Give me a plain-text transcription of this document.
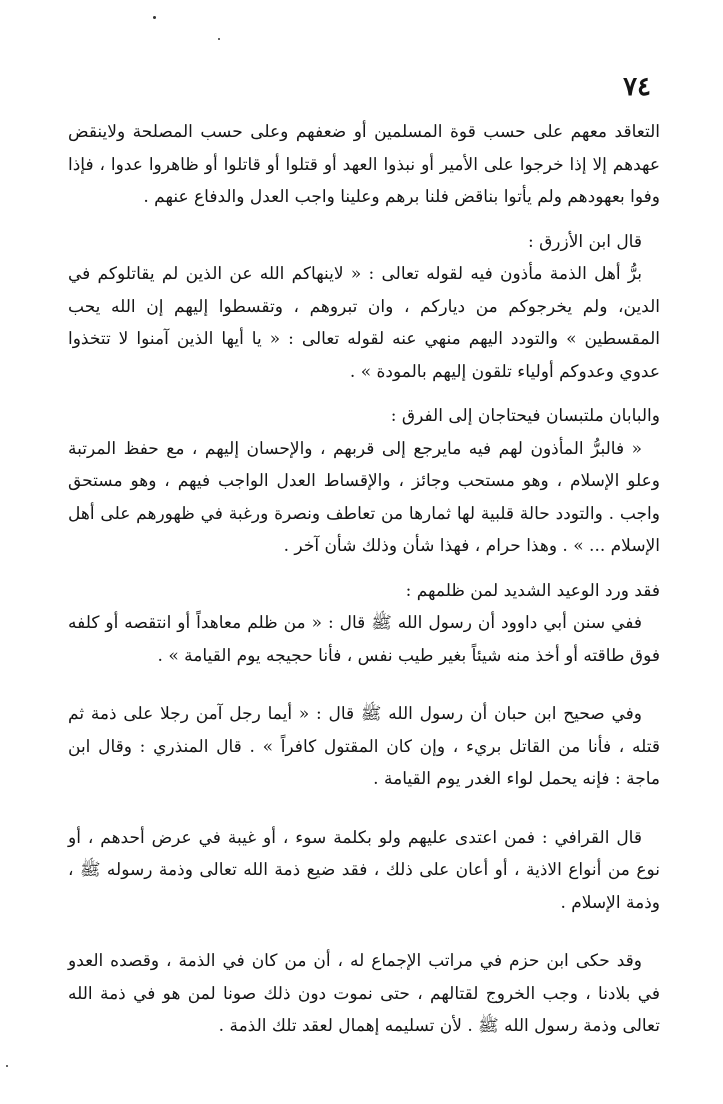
٧٤

التعاقد معهم على حسب قوة المسلمين أو ضعفهم وعلى حسب المصلحة ولاينقض عهدهم إلا إذا خرجوا على الأمير أو نبذوا العهد أو قتلوا أو قاتلوا أو ظاهروا عدوا ، فإذا وفوا بعهودهم ولم يأتوا بناقض فلنا برهم وعلينا واجب العدل والدفاع عنهم .

قال ابن الأزرق :

برُّ أهل الذمة مأذون فيه لقوله تعالى : « لاينهاكم الله عن الذين لم يقاتلوكم في الدين، ولم يخرجوكم من دياركم ، وان تبروهم ، وتقسطوا إليهم إن الله يحب المقسطين » والتودد اليهم منهي عنه لقوله تعالى : « يا أيها الذين آمنوا لا تتخذوا عدوي وعدوكم أولياء تلقون إليهم بالمودة » .

والبابان ملتبسان فيحتاجان إلى الفرق :

« فالبرُّ المأذون لهم فيه مايرجع إلى قربهم ، والإحسان إليهم ، مع حفظ المرتبة وعلو الإسلام ، وهو مستحب وجائز ، والإقساط العدل الواجب فيهم ، وهو مستحق واجب . والتودد حالة قلبية لها ثمارها من تعاطف ونصرة ورغبة في ظهورهم على أهل الإسلام ... » . وهذا حرام ، فهذا شأن وذلك شأن آخر .

فقد ورد الوعيد الشديد لمن ظلمهم :

ففي سنن أبي داوود أن رسول الله ﷺ قال : « من ظلم معاهداً أو انتقصه أو كلفه فوق طاقته أو أخذ منه شيئاً بغير طيب نفس ، فأنا حجيجه يوم القيامة » .

وفي صحيح ابن حبان أن رسول الله ﷺ قال : « أيما رجل آمن رجلا على ذمة ثم قتله ، فأنا من القاتل بريء ، وإن كان المقتول كافراً » . قال المنذري : وقال ابن ماجة : فإنه يحمل لواء الغدر يوم القيامة .

قال القرافي : فمن اعتدى عليهم ولو بكلمة سوء ، أو غيبة في عرض أحدهم ، أو نوع من أنواع الاذية ، أو أعان على ذلك ، فقد ضيع ذمة الله تعالى وذمة رسوله ﷺ ، وذمة الإسلام .

وقد حكى ابن حزم في مراتب الإجماع له ، أن من كان في الذمة ، وقصده العدو في بلادنا ، وجب الخروج لقتالهم ، حتى نموت دون ذلك صونا لمن هو في ذمة الله تعالى وذمة رسول الله ﷺ . لأن تسليمه إهمال لعقد تلك الذمة .
